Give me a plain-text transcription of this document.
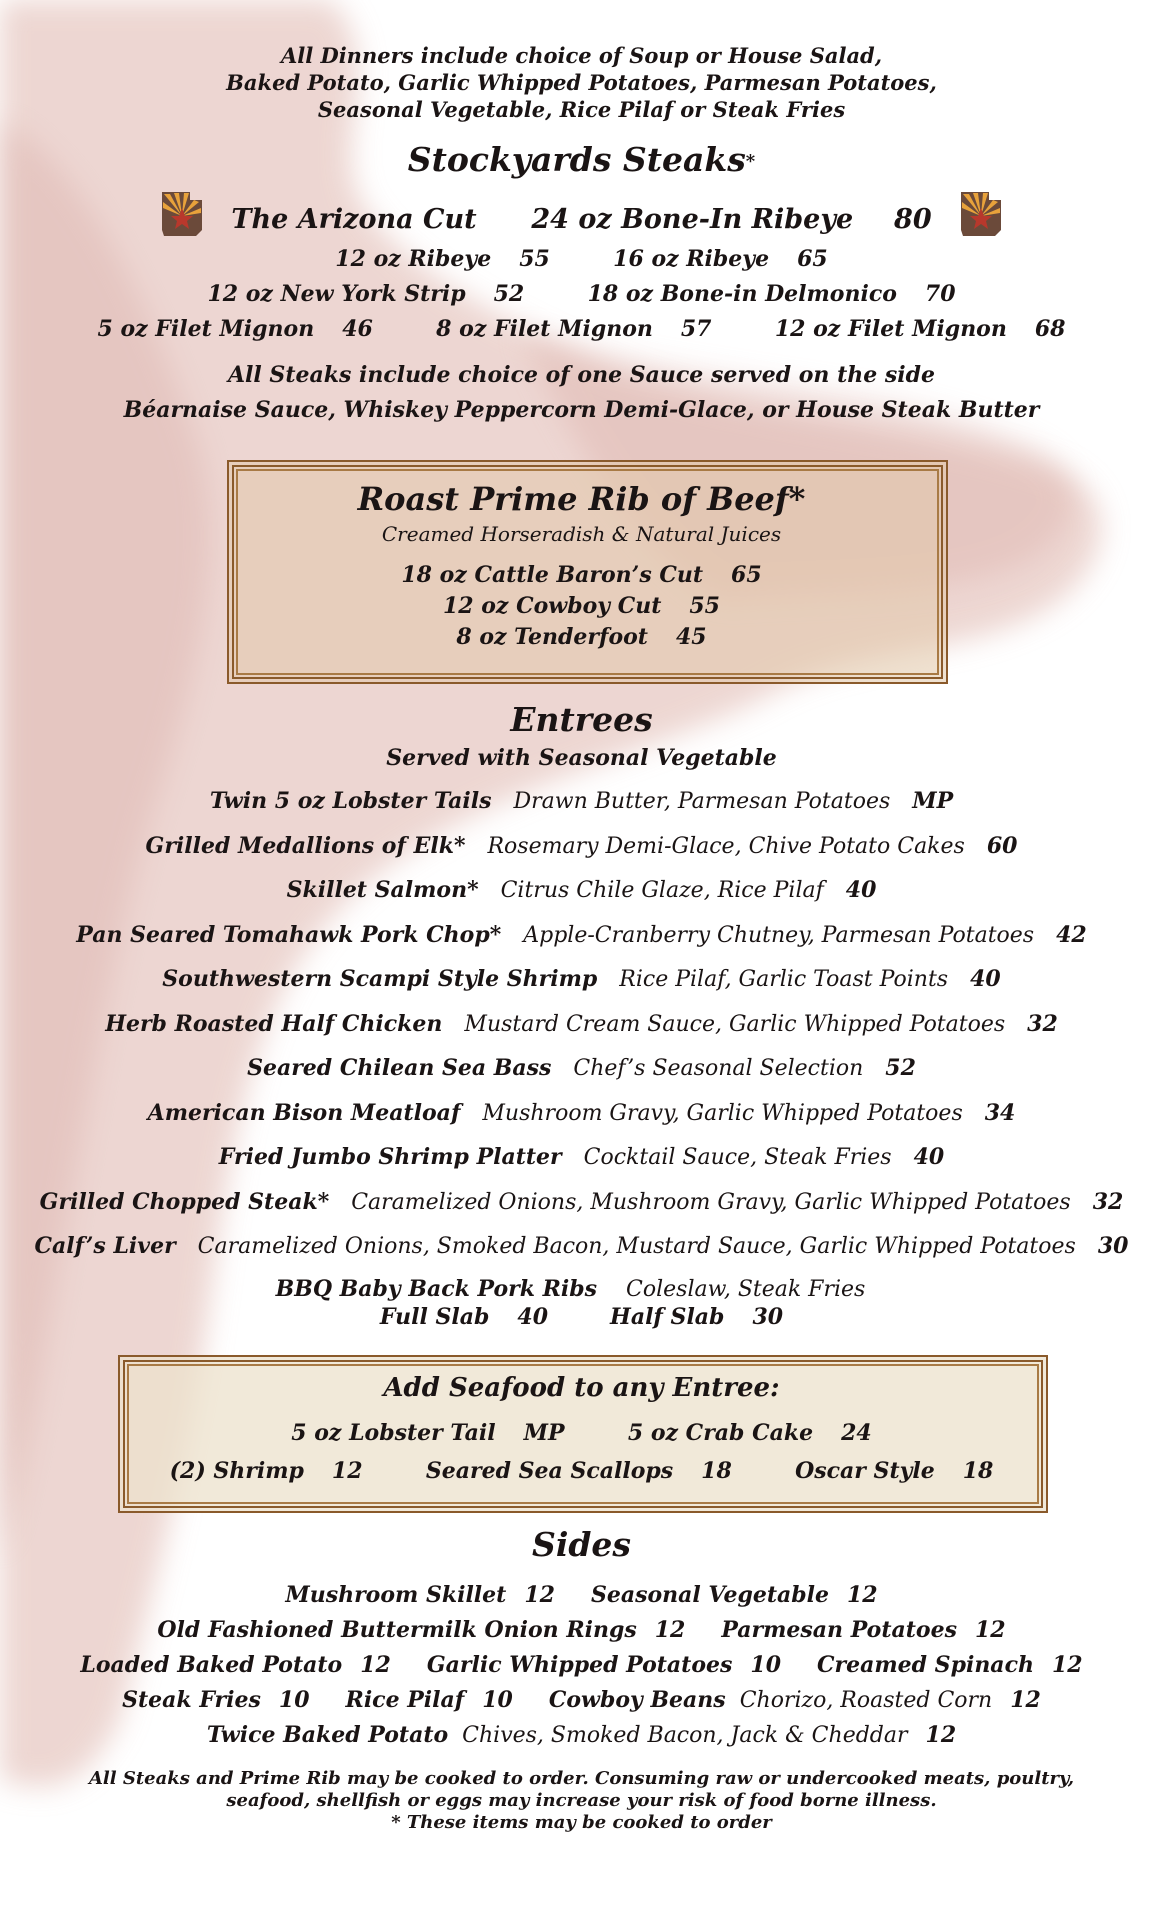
All Dinners include choice of Soup or House Salad,
Baked Potato, Garlic Whipped Potatoes, Parmesan Potatoes,
Seasonal Vegetable, Rice Pilaf or Steak Fries
Stockyards Steaks*
The Arizona Cut 24 oz Bone-In Ribeye 80
12 oz Ribeye 55	16 oz Ribeye 65
12 oz New York Strip 52	18 oz Bone-in Delmonico 70
5 oz Filet Mignon 46	8 oz Filet Mignon 57	12 oz Filet Mignon 68
All Steaks include choice of one Sauce served on the side
Béarnaise Sauce, Whiskey Peppercorn Demi-Glace, or House Steak Butter
Roast Prime Rib of Beef*
Creamed Horseradish & Natural Juices
18 oz Cattle Baron’s Cut 65
12 oz Cowboy Cut 55
8 oz Tenderfoot 45
Entrees
Served with Seasonal Vegetable
Twin 5 oz Lobster Tails Drawn Butter, Parmesan Potatoes MP
Grilled Medallions of Elk* Rosemary Demi-Glace, Chive Potato Cakes 60
Skillet Salmon* Citrus Chile Glaze, Rice Pilaf 40
Pan Seared Tomahawk Pork Chop* Apple-Cranberry Chutney, Parmesan Potatoes 42
Southwestern Scampi Style Shrimp Rice Pilaf, Garlic Toast Points 40
Herb Roasted Half Chicken Mustard Cream Sauce, Garlic Whipped Potatoes 32
Seared Chilean Sea Bass Chef’s Seasonal Selection 52
American Bison Meatloaf Mushroom Gravy, Garlic Whipped Potatoes 34
Fried Jumbo Shrimp Platter Cocktail Sauce, Steak Fries 40
Grilled Chopped Steak* Caramelized Onions, Mushroom Gravy, Garlic Whipped Potatoes 32
Calf’s Liver Caramelized Onions, Smoked Bacon, Mustard Sauce, Garlic Whipped Potatoes 30
BBQ Baby Back Pork Ribs Coleslaw, Steak Fries
Full Slab 40	Half Slab 30
Add Seafood to any Entree:
5 oz Lobster Tail MP	5 oz Crab Cake 24
(2) Shrimp 12	Seared Sea Scallops 18	Oscar Style 18
Sides
Mushroom Skillet 12 Seasonal Vegetable 12
Old Fashioned Buttermilk Onion Rings 12 Parmesan Potatoes 12
Loaded Baked Potato 12 Garlic Whipped Potatoes 10 Creamed Spinach 12
Steak Fries 10 Rice Pilaf 10 Cowboy Beans Chorizo, Roasted Corn 12
Twice Baked Potato Chives, Smoked Bacon, Jack & Cheddar 12
All Steaks and Prime Rib may be cooked to order. Consuming raw or undercooked meats, poultry,
seafood, shellfish or eggs may increase your risk of food borne illness.
* These items may be cooked to order
